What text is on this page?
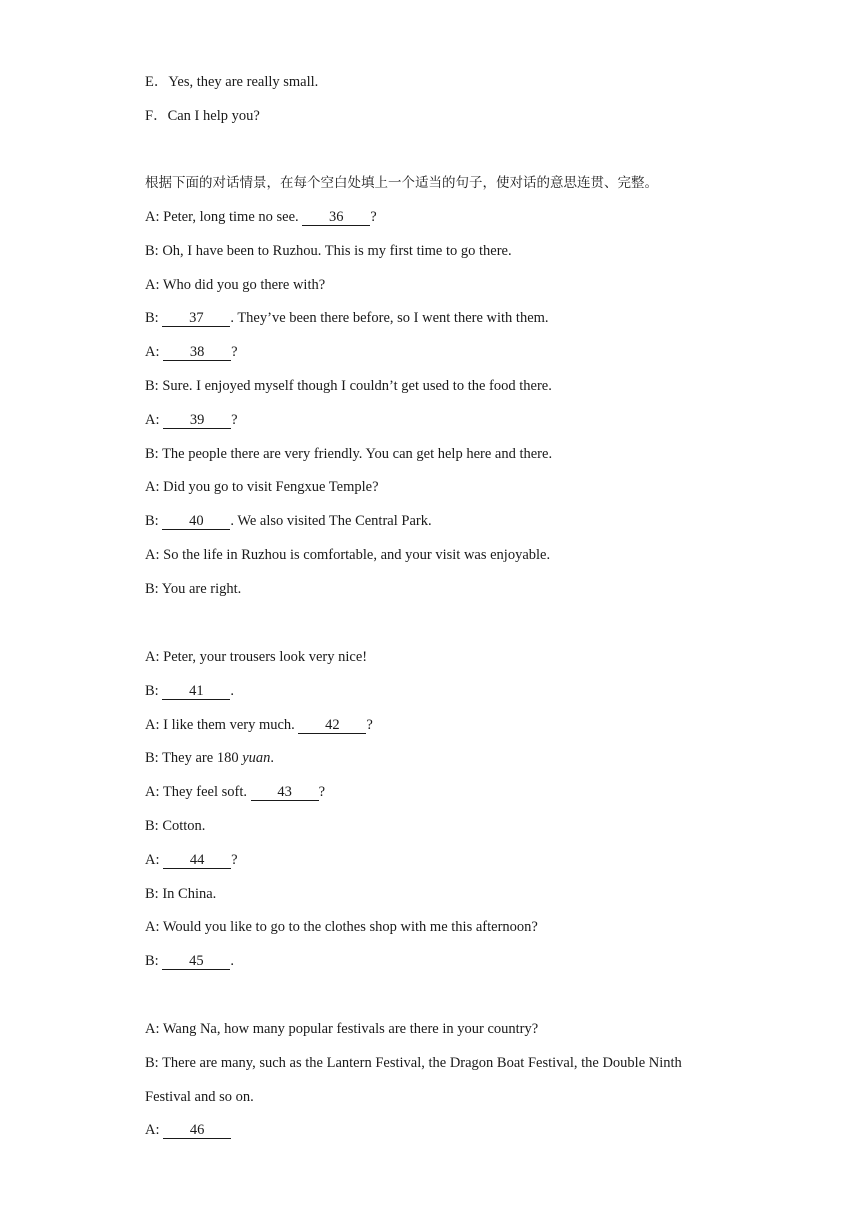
E．Yes, they are really small.
F．Can I help you?
根据下面的对话情景，在每个空白处填上一个适当的句子，使对话的意思连贯、完整。
A: Peter, long time no see. 36 ?
B: Oh, I have been to Ruzhou. This is my first time to go there.
A: Who did you go there with?
B: 37 . They’ve been there before, so I went there with them.
A: 38 ?
B: Sure. I enjoyed myself though I couldn’t get used to the food there.
A: 39 ?
B: The people there are very friendly. You can get help here and there.
A: Did you go to visit Fengxue Temple?
B: 40 . We also visited The Central Park.
A: So the life in Ruzhou is comfortable, and your visit was enjoyable.
B: You are right.
A: Peter, your trousers look very nice!
B: 41 .
A: I like them very much. 42 ?
B: They are 180 yuan.
A: They feel soft. 43 ?
B: Cotton.
A: 44 ?
B: In China.
A: Would you like to go to the clothes shop with me this afternoon?
B: 45 .
A: Wang Na, how many popular festivals are there in your country?
B: There are many, such as the Lantern Festival, the Dragon Boat Festival, the Double Ninth
Festival and so on.
A: 46
